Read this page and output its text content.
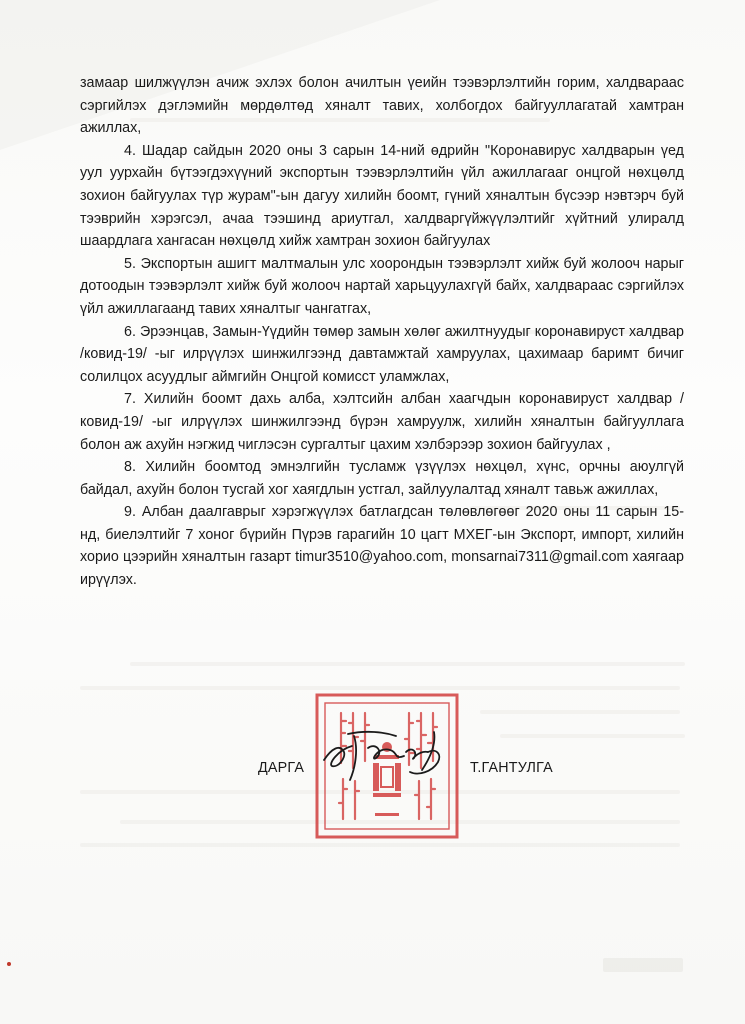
замаар шилжүүлэн ачиж эхлэх болон ачилтын үеийн тээвэрлэлтийн горим, халдвараас сэргийлэх дэглэмийн мөрдөлтөд хяналт тавих, холбогдох байгууллагатай хамтран ажиллах,

4. Шадар сайдын 2020 оны 3 сарын 14-ний өдрийн "Коронавирус халдварын үед уул уурхайн бүтээгдэхүүний экспортын тээвэрлэлтийн үйл ажиллагааг онцгой нөхцөлд зохион байгуулах түр журам"-ын дагуу хилийн боомт, гүний хяналтын бүсээр нэвтэрч буй тээврийн хэрэгсэл, ачаа тээшинд ариутгал, халдваргүйжүүлэлтийг хүйтний улиралд шаардлага хангасан нөхцөлд хийж хамтран зохион байгуулах

5. Экспортын ашигт малтмалын улс хоорондын тээвэрлэлт хийж буй жолооч нарыг дотоодын тээвэрлэлт хийж буй жолооч нартай харьцуулахгүй байх, халдвараас сэргийлэх үйл ажиллагаанд тавих хяналтыг чангатгах,

6. Эрээнцав, Замын-Үүдийн төмөр замын хөлөг ажилтнуудыг коронавируст халдвар /ковид-19/ -ыг илрүүлэх шинжилгээнд давтамжтай хамруулах, цахимаар баримт бичиг солилцох асуудлыг аймгийн Онцгой комисст уламжлах,

7. Хилийн боомт дахь алба, хэлтсийн албан хаагчдын коронавируст халдвар /ковид-19/ -ыг илрүүлэх шинжилгээнд бүрэн хамруулж, хилийн хяналтын байгууллага болон аж ахуйн нэгжид чиглэсэн сургалтыг цахим хэлбэрээр зохион байгуулах ,

8. Хилийн боомтод эмнэлгийн тусламж үзүүлэх нөхцөл, хүнс, орчны аюулгүй байдал, ахуйн болон тусгай хог хаягдлын устгал, зайлуулалтад хяналт тавьж ажиллах,

9. Албан даалгаврыг хэрэгжүүлэх батлагдсан төлөвлөгөөг 2020 оны 11 сарын 15-нд, биелэлтийг 7 хоног бүрийн Пүрэв гарагийн 10 цагт МХЕГ-ын Экспорт, импорт, хилийн хорио цээрийн хяналтын газарт timur3510@yahoo.com, monsarnai7311@gmail.com хаягаар ирүүлэх.

ДАРГА	Т.ГАНТУЛГА
